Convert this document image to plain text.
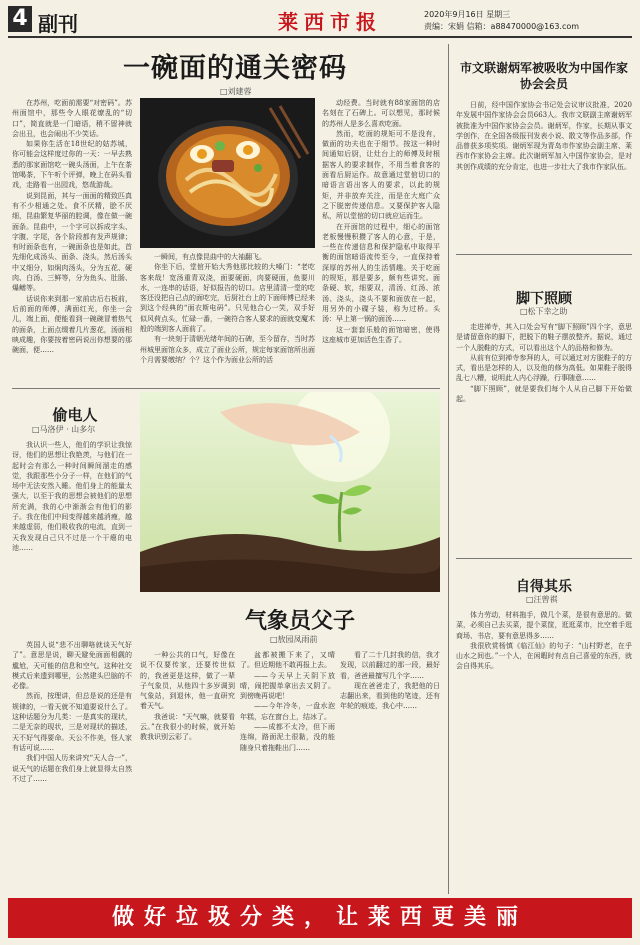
4 副刊	莱西市报	2020年9月16日 星期三
责编：宋娟 信箱：a88470000@163.com
一碗面的通关密码
□刘建蓉

在苏州，吃面前需要“对密码”。苏州面馆中，那些令人眼花缭乱的“切口”，简直就是一门暗语，稍不留神就会出丑，也会闹出不少笑话。

如果你生活在18世纪的姑苏城，你可能会这样度过你的一天：一早去熟悉的那家面馆吃一碗头汤面，上午在茶馆喝茶，下午听个评弹，晚上在码头看戏，走路看一出园戏，悠哉游哉。

说到昆面，其与一面面的精致匹真有不少相通之处。食不厌精，脍不厌细，昆曲繁复华丽的腔调，像在做一碗面条。昆曲中，一个字可以拆成字头、字腹、字尾，各个阶段都有发声规律；有时面条也有，一碗面条也是如此，首先细化成汤头、面条、浇头，然后汤头中又细分，如焖肉汤头，分为五花、硬肉、白汤、三鲜等，分为鱼头、肚肠、爆鳝等。

话说你来到那一家前店后右板前，后前面的师傅，满面红光，你坐一会儿，端上面，便能看到一碗碗冒着热气的面条，上面点缀着几片葱花，汤面相映成趣，你要按着密码说出你想要的那碗面，便……

一瞬间，有点像昆曲中的大袖翻飞。

你坐下后，堂倌开始大秀他那比较的大嗓门：“老吃客来哉！宽汤重青双浇，面要硬面，肉要硬面，鱼要川水，一连串的话语，好似报告的切口。店里清清一堂的吃客还没把自己点的面吃完，后厨社台上的下面师傅已经来到这个经典的“面衣斯电码”。只见他合心一笑，双手好似风荷点头，忙碌一番，一碗符合客人要求的面就变魔术般的端到客人面前了。

有一块刻于清朝光绪年间的石碑，至今留存，当时苏州城里面馆众多，成立了面业公所，规定每家面馆所出面个月需要缴纳？个？这个作为面业公所的活

动经费。当时就有88家面馆的店名刻在了石碑上。可以想见，那时候的苏州人是多么喜欢吃面。

然而，吃面的规矩可不是没有，做面的功夫也在于细节。按这一种时间通知后厨，让灶台上的师傅及时根据客人的要求制作，不用当着食客的面看后厨运作。故意通过堂倌切口的暗语言语出客人的要求，以此的规矩，并非放弃关注，而是在大庭广众之下脱密传递信息。又要保护客人隐私，所以堂倌的切口就应运而生。

在开面馆的过程中，细心的面馆老板慢慢积攒了客人的心意，于是，一些在传递信息和保护隐私中取得平衡的面馆暗语流传至今，一直保持着深厚的苏州人的生活情趣。关于吃面的规矩，那是要多，颇有些讲究。面条硬、软，细要双，清汤、红汤、浓汤、浇头，浇头不要和面放在一起，用另外的小碟子装，称为过桥。头汤：早上第一锅的面汤……

这一套套乐般的面馆暗密，使得这座城市更加活色生香了。

偷电人
□马洛伊 · 山多尔

我认识一些人，他们的学识让我惊讶，他们的思想让我艳羡，与他们在一起时会有那么一种时间瞬间溜走的感觉，我跟那些小分子一样，在他们的气场中无法安然入睡。他们身上的能量太强大，以至于我的思想会被他们的思想所充满，我的心中渐渐会有他们的影子。我在他们中间变得越来越消瘦，越来越虚弱，他们吸收我的电流，直到一天我发现自己只不过是一个干瘪的电池……

英国人说“悲不出聊咯就谈天气好了”。意思是说，聊天避免面面相觑的尴尬，天可能的信息和空气。这种社交模式后来遗到哪里，公然建头巴脑的不必像。

然而，按理讲，但总是说的还是有规律的，一看天就不知道要说什么了。这种话题分为几类：一是真实的现状，二是无奈的现状，三是对现状的描述，天不好气得要命。天公不作美，怪人家有话可说……

我们中国人历来讲究“天人合一”，说天气的话题在我们身上就显得太自然不过了……

气象员父子
□敖园凤雨前

一种公共的口气，好像在说不仅要传家，还要传世似的，我爸更是这样，做了一辈子气象员，从他四十多岁调到气象站，到退休，他一直研究着天气。

我爸说：“天气嘛，就要看云。”在我很小的时候，就开始教我识别云彩了。

盆都被搬下来了，又晴了。但近期他不敢再报上去。

——今天早上天阴下放晴，闹把握单拿出去又阴了。到傍晚再说吧！

——今年冷冬，一盘水泡年糕，忘在窗台上，结冰了。

——成都不太冷，但下雨连绵，路面泥土很黏，没的能随身只着拖鞋出门……

看了二十几封我的信，我才发现，以前翻过的那一段，最好看，爸爸最擅写几个字……

现在爸爸走了，我把他的日志翻出来，看到他的笔迹，还有年轮的痕迹，我心中……

市文联谢炳军被吸收为中国作家协会会员

日前，经中国作家协会书记处会议审议批准，2020年发展中国作家协会会员663人。我市文联副主席谢炳军被批准为中国作家协会会员。谢炳军，作家，长期从事文学创作，在全国各级报刊发表小说、散文等作品多部，作品曾获多项奖项。谢炳军现为青岛市作家协会副主席、莱西市作家协会主席。此次谢炳军加入中国作家协会，是对其创作成绩的充分肯定，也进一步壮大了我市作家队伍。

脚下照顾
□松下幸之助

走进禅寺，其入口处会写有“脚下照顾”四个字，意思是请留意你的脚下，把脱下的鞋子摆放整齐。据说，通过一个人脱鞋的方式，可以看出这个人的品格和修为。

从前有位到禅寺参拜的人，可以通过对方脱鞋子的方式，看出是怎样的人，以及他的修为高低。如果鞋子脱得乱七八糟，说明此人内心浮躁，行事随意……

“脚下照顾”，就是要我们每个人从自己脚下开始做起。

自得其乐
□汪曾祺

体力劳动，材料拖手，做几个菜，是很有意思的。做菜，必须自己去买菜，提个菜筐，逛逛菜市，比空着手逛商场、书店，要有意思得多……

我很欣赏杨慎《临江仙》的句子：“山村野老，在乎山水之间也。”一个人，在闲暇时有点自己喜爱的东西，就会自得其乐。

做好垃圾分类，让莱西更美丽
